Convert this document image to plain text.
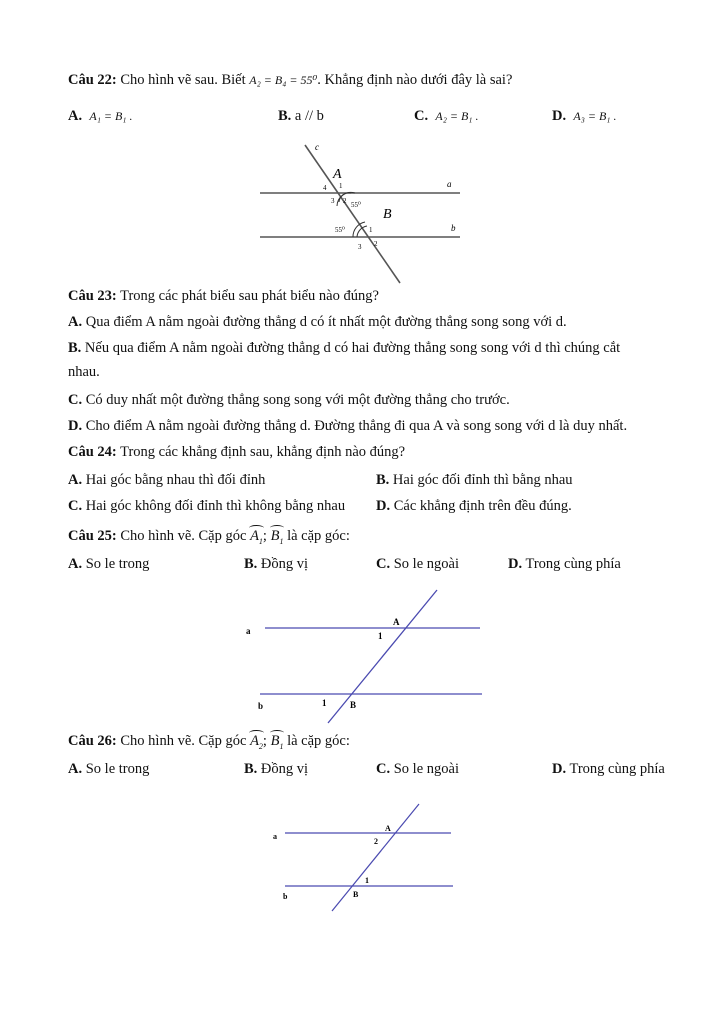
Câu 22: Cho hình vẽ sau. Biết A₂ = B₄ = 55⁰. Khẳng định nào dưới đây là sai?
A. A₁ = B₁ .	B. a // b	C. A₂ = B₁ .	D. A₃ = B₁ .
c
A
a
4 1
3 2 55⁰
B
b
55⁰	1
3 2
Câu 23: Trong các phát biểu sau phát biểu nào đúng?
A. Qua điểm A nằm ngoài đường thẳng d có ít nhất một đường thẳng song song với d.
B. Nếu qua điểm A nằm ngoài đường thẳng d có hai đường thẳng song song với d thì chúng cắt
nhau.
C. Có duy nhất một đường thẳng song song với một đường thẳng cho trước.
D. Cho điểm A nằm ngoài đường thẳng d. Đường thẳng đi qua A và song song với d là duy nhất.
Câu 24: Trong các khẳng định sau, khẳng định nào đúng?
A. Hai góc bằng nhau thì đối đỉnh	B. Hai góc đối đỉnh thì bằng nhau
C. Hai góc không đối đỉnh thì không bằng nhau D. Các khẳng định trên đều đúng.
Câu 25: Cho hình vẽ. Cặp góc $A_1$; $B_1$ là cặp góc:
A. So le trong	B. Đồng vị	C. So le ngoài	D. Trong cùng phía
a
A
1
b	1	B
Câu 26: Cho hình vẽ. Cặp góc $A_2$; $B_1$ là cặp góc:
A. So le trong	B. Đồng vị	C. So le ngoài	D. Trong cùng phía
a
A
2
1
b	B
